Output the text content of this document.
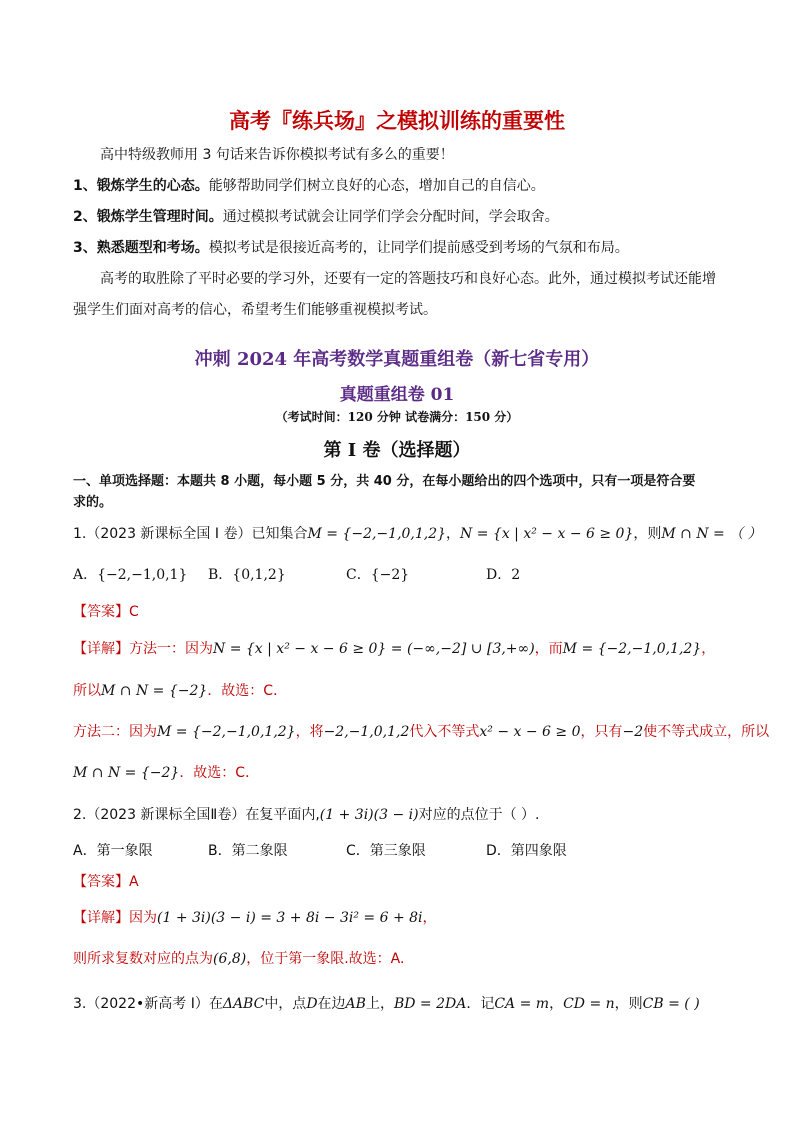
高考『练兵场』之模拟训练的重要性
高中特级教师用 3 句话来告诉你模拟考试有多么的重要！
1、锻炼学生的心态。能够帮助同学们树立良好的心态，增加自己的自信心。
2、锻炼学生管理时间。通过模拟考试就会让同学们学会分配时间，学会取舍。
3、熟悉题型和考场。模拟考试是很接近高考的，让同学们提前感受到考场的气氛和布局。
高考的取胜除了平时必要的学习外，还要有一定的答题技巧和良好心态。此外，通过模拟考试还能增
强学生们面对高考的信心，希望考生们能够重视模拟考试。
冲刺 2024 年高考数学真题重组卷（新七省专用）
真题重组卷 01
（考试时间：120 分钟 试卷满分：150 分）
第 I 卷（选择题）
一、单项选择题：本题共 8 小题，每小题 5 分，共 40 分，在每小题给出的四个选项中，只有一项是符合要
求的。
1.（2023 新课标全国 I 卷）已知集合M = {−2,−1,0,1,2}，N = {x | x² − x − 6 ≥ 0}，则M ∩ N = （ ）
A．{−2,−1,0,1} B．{0,1,2}	C．{−2}	D．2
【答案】C
【详解】方法一：因为N = {x | x² − x − 6 ≥ 0} = (−∞,−2] ∪ [3,+∞)，而M = {−2,−1,0,1,2}，
所以M ∩ N = {−2}．故选：C．
方法二：因为M = {−2,−1,0,1,2}，将−2,−1,0,1,2代入不等式x² − x − 6 ≥ 0，只有−2使不等式成立，所以
M ∩ N = {−2}．故选：C．
2.（2023 新课标全国Ⅱ卷）在复平面内,(1 + 3i)(3 − i)对应的点位于（ ）.
A．第一象限	B．第二象限	C．第三象限	D．第四象限
【答案】A
【详解】因为(1 + 3i)(3 − i) = 3 + 8i − 3i² = 6 + 8i，
则所求复数对应的点为(6,8)，位于第一象限.故选：A.
3.（2022•新高考 I）在ΔABC中，点D在边AB上，BD = 2DA．记CA = m，CD = n，则CB = ( )
